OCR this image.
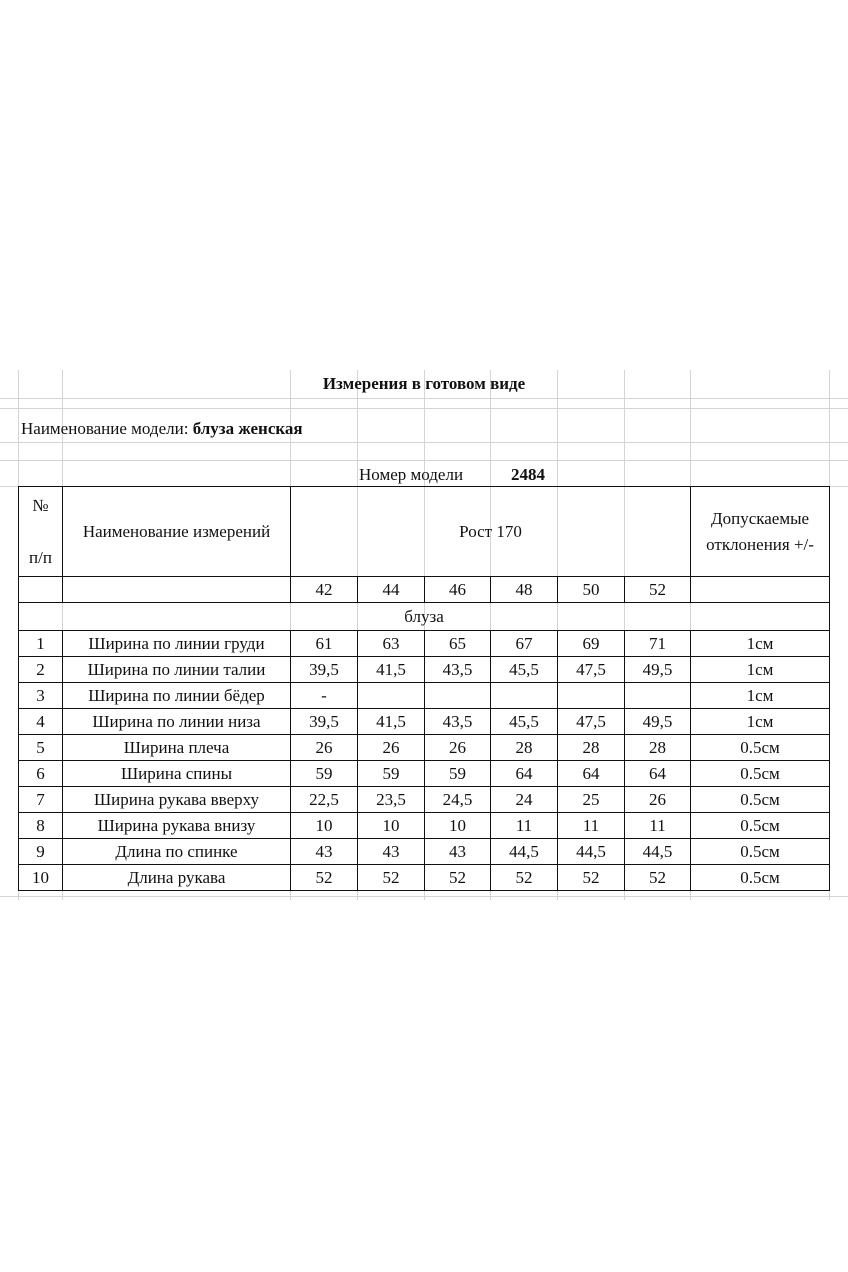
Измерения в готовом виде
Наименование модели: блуза женская
Номер модели	2484
№

п/п	Наименование измерений	Рост 170						Допускаемые отклонения +/-
		42	44	46	48	50	52	
блуза								
1	Ширина по линии груди	61	63	65	67	69	71	1см
2	Ширина по линии талии	39,5	41,5	43,5	45,5	47,5	49,5	1см
3	Ширина по линии бёдер	-						1см
4	Ширина по линии низа	39,5	41,5	43,5	45,5	47,5	49,5	1см
5	Ширина плеча	26	26	26	28	28	28	0.5см
6	Ширина спины	59	59	59	64	64	64	0.5см
7	Ширина рукава вверху	22,5	23,5	24,5	24	25	26	0.5см
8	Ширина рукава внизу	10	10	10	11	11	11	0.5см
9	Длина по спинке	43	43	43	44,5	44,5	44,5	0.5см
10	Длина рукава	52	52	52	52	52	52	0.5см
